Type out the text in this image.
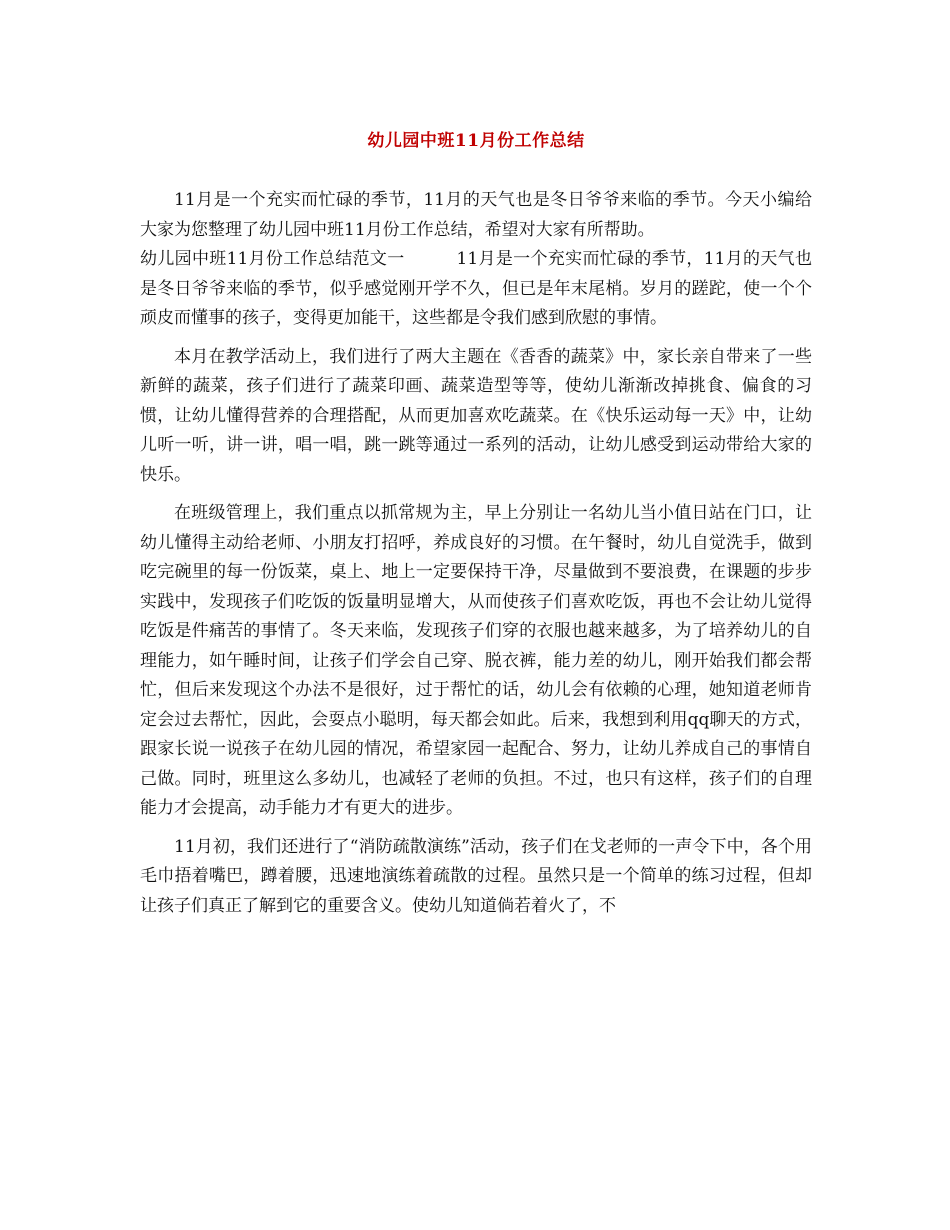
幼儿园中班11月份工作总结

11月是一个充实而忙碌的季节，11月的天气也是冬日爷爷来临的季节。今天小编给大家为您整理了幼儿园中班11月份工作总结，希望对大家有所帮助。

幼儿园中班11月份工作总结范文一	11月是一个充实而忙碌的季节，11月的天气也是冬日爷爷来临的季节，似乎感觉刚开学不久，但已是年末尾梢。岁月的蹉跎，使一个个顽皮而懂事的孩子，变得更加能干，这些都是令我们感到欣慰的事情。

本月在教学活动上，我们进行了两大主题在《香香的蔬菜》中，家长亲自带来了一些新鲜的蔬菜，孩子们进行了蔬菜印画、蔬菜造型等等，使幼儿渐渐改掉挑食、偏食的习惯，让幼儿懂得营养的合理搭配，从而更加喜欢吃蔬菜。在《快乐运动每一天》中，让幼儿听一听，讲一讲，唱一唱，跳一跳等通过一系列的活动，让幼儿感受到运动带给大家的快乐。

在班级管理上，我们重点以抓常规为主，早上分别让一名幼儿当小值日站在门口，让幼儿懂得主动给老师、小朋友打招呼，养成良好的习惯。在午餐时，幼儿自觉洗手，做到吃完碗里的每一份饭菜，桌上、地上一定要保持干净，尽量做到不要浪费，在课题的步步实践中，发现孩子们吃饭的饭量明显增大，从而使孩子们喜欢吃饭，再也不会让幼儿觉得吃饭是件痛苦的事情了。冬天来临，发现孩子们穿的衣服也越来越多，为了培养幼儿的自理能力，如午睡时间，让孩子们学会自己穿、脱衣裤，能力差的幼儿，刚开始我们都会帮忙，但后来发现这个办法不是很好，过于帮忙的话，幼儿会有依赖的心理，她知道老师肯定会过去帮忙，因此，会耍点小聪明，每天都会如此。后来，我想到利用qq聊天的方式，跟家长说一说孩子在幼儿园的情况，希望家园一起配合、努力，让幼儿养成自己的事情自己做。同时，班里这么多幼儿，也减轻了老师的负担。不过，也只有这样，孩子们的自理能力才会提高，动手能力才有更大的进步。

11月初，我们还进行了“消防疏散演练”活动，孩子们在戈老师的一声令下中，各个用毛巾捂着嘴巴，蹲着腰，迅速地演练着疏散的过程。虽然只是一个简单的练习过程，但却让孩子们真正了解到它的重要含义。使幼儿知道倘若着火了，不
